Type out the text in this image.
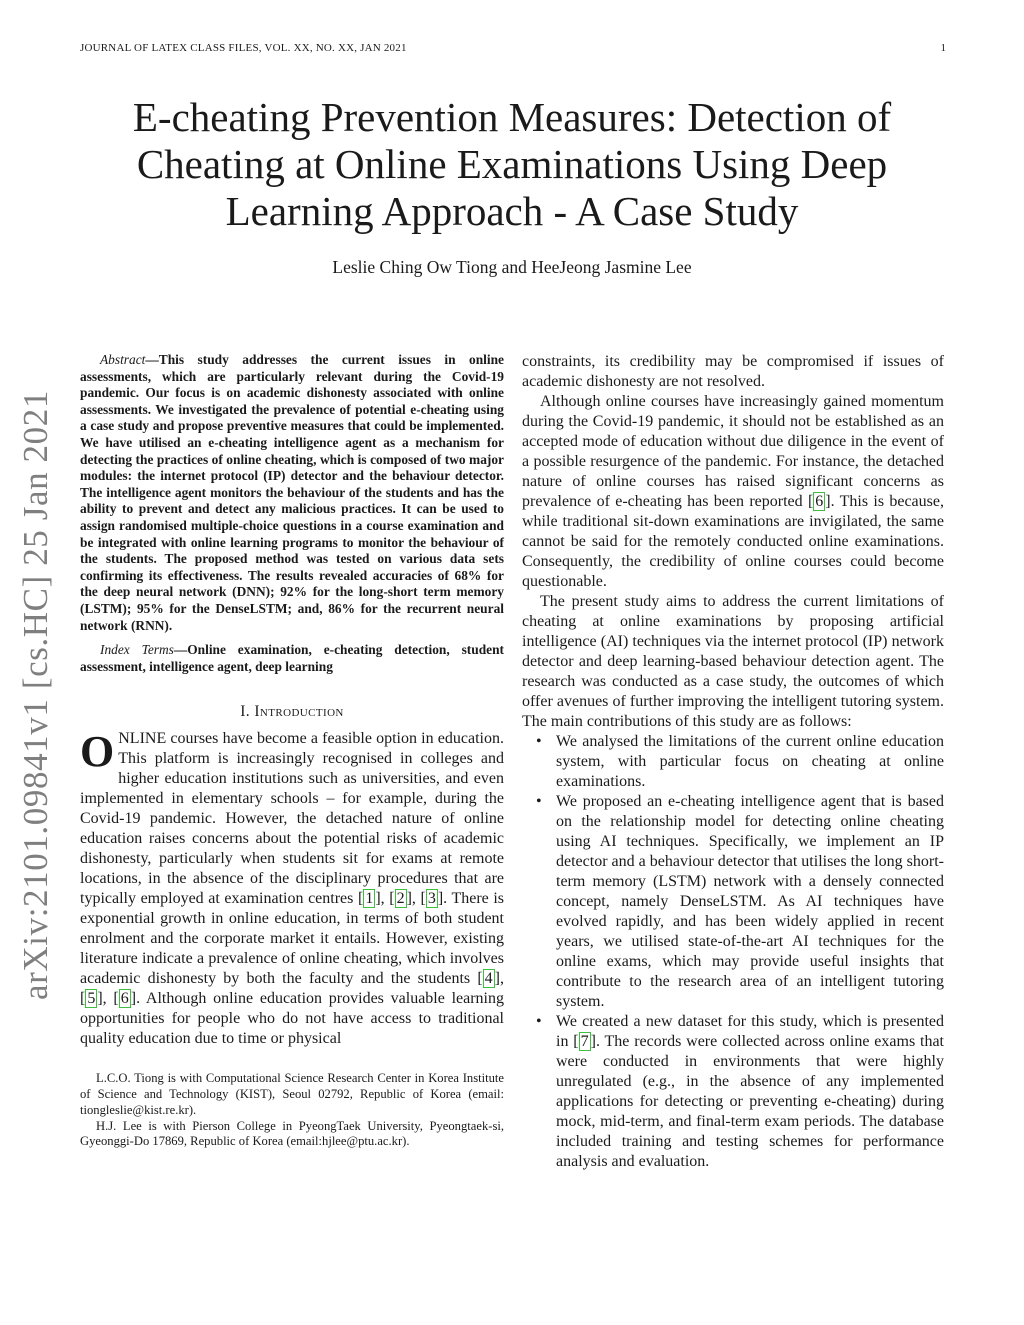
JOURNAL OF LATEX CLASS FILES, VOL. XX, NO. XX, JAN 2021	1
E-cheating Prevention Measures: Detection of
Cheating at Online Examinations Using Deep
Learning Approach - A Case Study
Leslie Ching Ow Tiong and HeeJeong Jasmine Lee
arXiv:2101.09841v1 [cs.HC] 25 Jan 2021

Abstract—This study addresses the current issues in online assessments, which are particularly relevant during the Covid-19 pandemic. Our focus is on academic dishonesty associated with online assessments. We investigated the prevalence of potential e-cheating using a case study and propose preventive measures that could be implemented. We have utilised an e-cheating intelligence agent as a mechanism for detecting the practices of online cheating, which is composed of two major modules: the internet protocol (IP) detector and the behaviour detector. The intelligence agent monitors the behaviour of the students and has the ability to prevent and detect any malicious practices. It can be used to assign randomised multiple-choice questions in a course examination and be integrated with online learning programs to monitor the behaviour of the students. The proposed method was tested on various data sets confirming its effectiveness. The results revealed accuracies of 68% for the deep neural network (DNN); 92% for the long-short term memory (LSTM); 95% for the DenseLSTM; and, 86% for the recurrent neural network (RNN).

Index Terms—Online examination, e-cheating detection, student assessment, intelligence agent, deep learning

I. Introduction

ONLINE courses have become a feasible option in education. This platform is increasingly recognised in colleges and higher education institutions such as universities, and even implemented in elementary schools – for example, during the Covid-19 pandemic. However, the detached nature of online education raises concerns about the potential risks of academic dishonesty, particularly when students sit for exams at remote locations, in the absence of the disciplinary procedures that are typically employed at examination centres [ 1 ], [ 2 ], [ 3 ]. There is exponential growth in online education, in terms of both student enrolment and the corporate market it entails. However, existing literature indicate a prevalence of online cheating, which involves academic dishonesty by both the faculty and the students [ 4 ], [ 5 ], [ 6 ]. Although online education provides valuable learning opportunities for people who do not have access to traditional quality education due to time or physical

L.C.O. Tiong is with Computational Science Research Center in Korea Institute of Science and Technology (KIST), Seoul 02792, Republic of Korea (email: tiongleslie@kist.re.kr).

H.J. Lee is with Pierson College in PyeongTaek University, Pyeongtaek-si, Gyeonggi-Do 17869, Republic of Korea (email:hjlee@ptu.ac.kr).

constraints, its credibility may be compromised if issues of academic dishonesty are not resolved.

Although online courses have increasingly gained momentum during the Covid-19 pandemic, it should not be established as an accepted mode of education without due diligence in the event of a possible resurgence of the pandemic. For instance, the detached nature of online courses has raised significant concerns as prevalence of e-cheating has been reported [ 6 ]. This is because, while traditional sit-down examinations are invigilated, the same cannot be said for the remotely conducted online examinations. Consequently, the credibility of online courses could become questionable.

The present study aims to address the current limitations of cheating at online examinations by proposing artificial intelligence (AI) techniques via the internet protocol (IP) network detector and deep learning-based behaviour detection agent. The research was conducted as a case study, the outcomes of which offer avenues of further improving the intelligent tutoring system. The main contributions of this study are as follows:

• We analysed the limitations of the current online education system, with particular focus on cheating at online examinations.
• We proposed an e-cheating intelligence agent that is based on the relationship model for detecting online cheating using AI techniques. Specifically, we implement an IP detector and a behaviour detector that utilises the long short-term memory (LSTM) network with a densely connected concept, namely DenseLSTM. As AI techniques have evolved rapidly, and has been widely applied in recent years, we utilised state-of-the-art AI techniques for the online exams, which may provide useful insights that contribute to the research area of an intelligent tutoring system.
• We created a new dataset for this study, which is presented in [ 7 ]. The records were collected across online exams that were conducted in environments that were highly unregulated (e.g., in the absence of any implemented applications for detecting or preventing e-cheating) during mock, mid-term, and final-term exam periods. The database included training and testing schemes for performance analysis and evaluation.
